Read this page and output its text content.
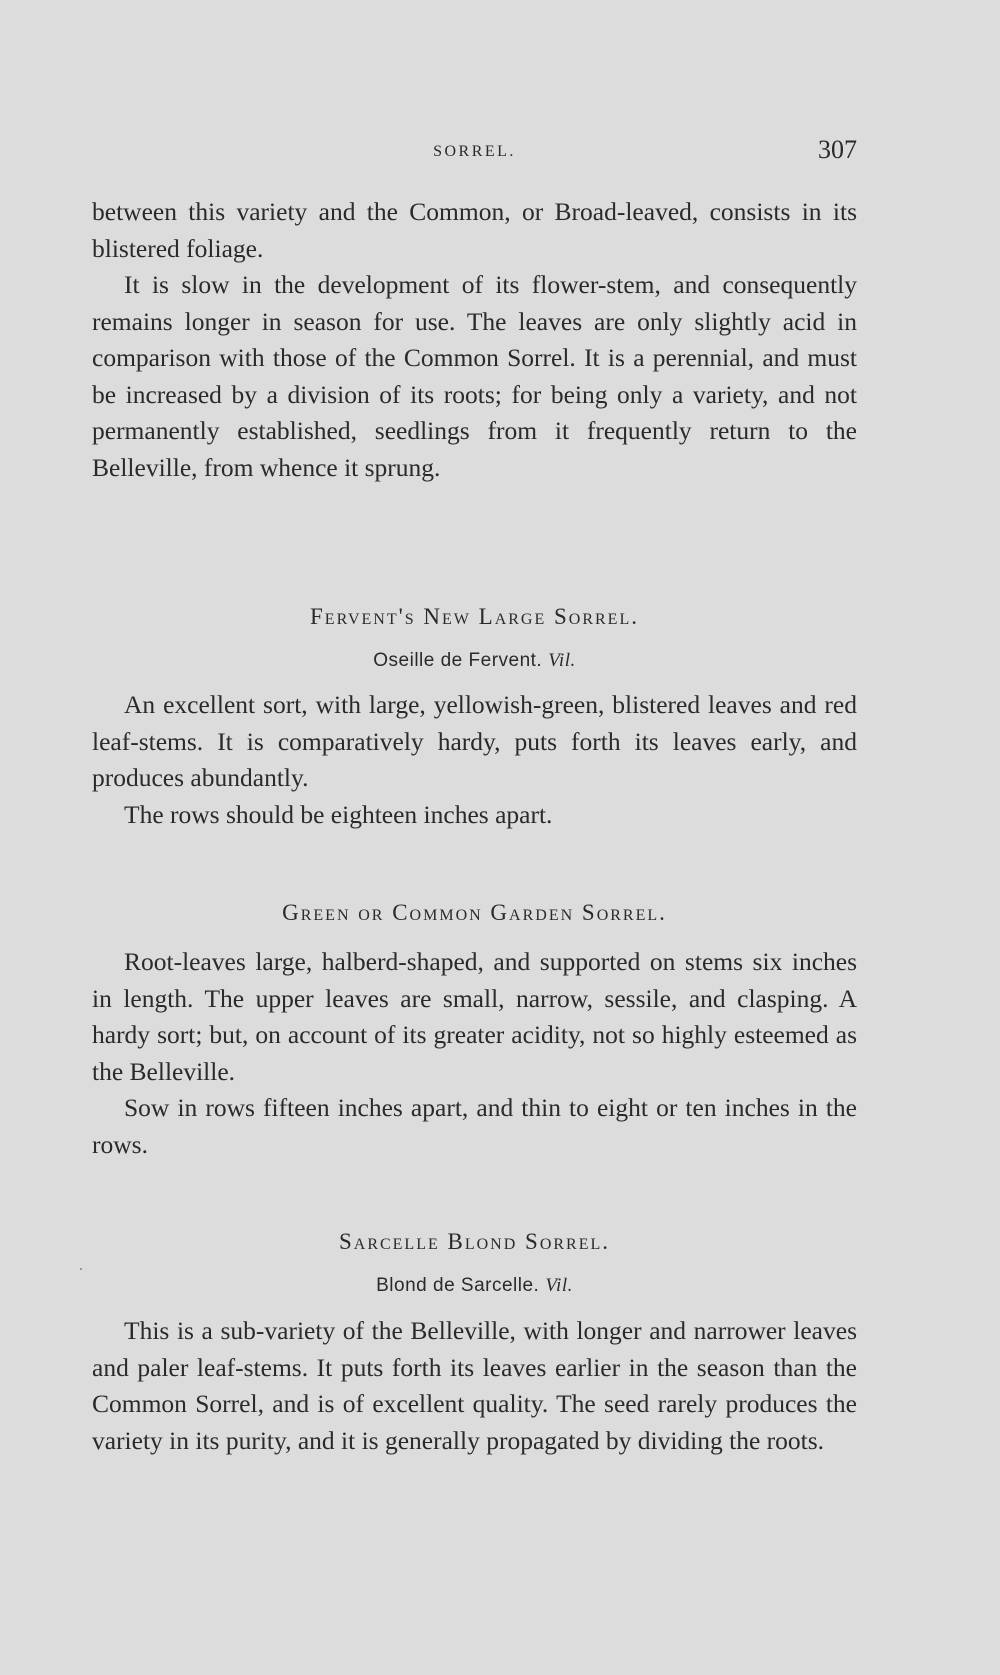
SORREL.	307

between this variety and the Common, or Broad-leaved, consists in its blistered foliage.

It is slow in the development of its flower-stem, and consequently remains longer in season for use. The leaves are only slightly acid in comparison with those of the Common Sorrel. It is a perennial, and must be increased by a division of its roots; for being only a variety, and not permanently established, seedlings from it frequently return to the Belleville, from whence it sprung.

Fervent's New Large Sorrel.
Oseille de Fervent. Vil.

An excellent sort, with large, yellowish-green, blistered leaves and red leaf-stems. It is comparatively hardy, puts forth its leaves early, and produces abundantly.

The rows should be eighteen inches apart.

Green or Common Garden Sorrel.

Root-leaves large, halberd-shaped, and supported on stems six inches in length. The upper leaves are small, narrow, sessile, and clasping. A hardy sort; but, on account of its greater acidity, not so highly esteemed as the Belleville.

Sow in rows fifteen inches apart, and thin to eight or ten inches in the rows.

Sarcelle Blond Sorrel.
Blond de Sarcelle. Vil.

This is a sub-variety of the Belleville, with longer and narrower leaves and paler leaf-stems. It puts forth its leaves earlier in the season than the Common Sorrel, and is of excellent quality. The seed rarely produces the variety in its purity, and it is generally propagated by dividing the roots.
